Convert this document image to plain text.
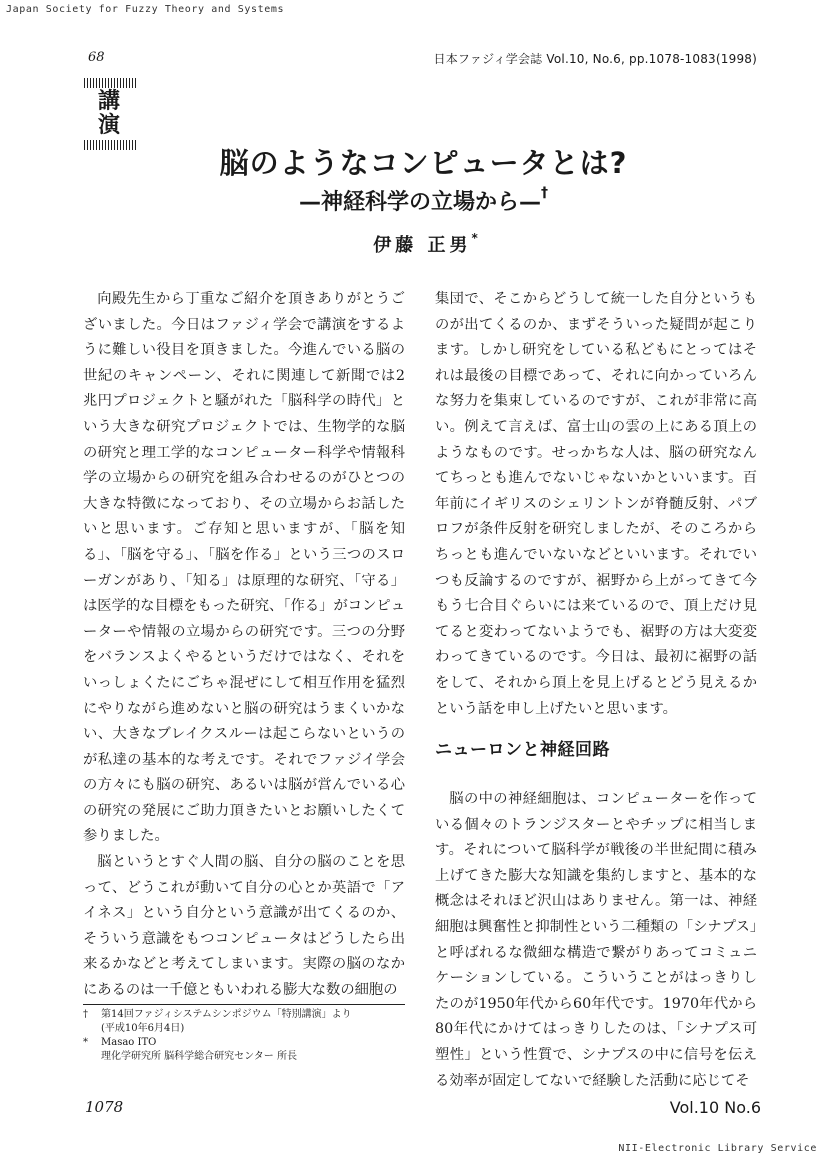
Japan Society for Fuzzy Theory and Systems
68	日本ファジィ学会誌 Vol.10, No.6, pp.1078-1083(1998)
講 演
脳のようなコンピュータとは?
—神経科学の立場から—†
伊藤 正男*

向殿先生から丁重なご紹介を頂きありがとうございました。今日はファジィ学会で講演をするように難しい役目を頂きました。今進んでいる脳の世紀のキャンペーン、それに関連して新聞では2兆円プロジェクトと騒がれた「脳科学の時代」という大きな研究プロジェクトでは、生物学的な脳の研究と理工学的なコンピューター科学や情報科学の立場からの研究を組み合わせるのがひとつの大きな特徴になっており、その立場からお話したいと思います。ご存知と思いますが、「脳を知る」、「脳を守る」、「脳を作る」という三つのスローガンがあり、「知る」は原理的な研究、「守る」は医学的な目標をもった研究、「作る」がコンピューターや情報の立場からの研究です。三つの分野をバランスよくやるというだけではなく、それをいっしょくたにごちゃ混ぜにして相互作用を猛烈にやりながら進めないと脳の研究はうまくいかない、大きなブレイクスルーは起こらないというのが私達の基本的な考えです。それでファジイ学会の方々にも脳の研究、あるいは脳が営んでいる心の研究の発展にご助力頂きたいとお願いしたくて参りました。

脳というとすぐ人間の脳、自分の脳のことを思って、どうこれが動いて自分の心とか英語で「アイネス」という自分という意識が出てくるのか、そういう意識をもつコンピュータはどうしたら出来るかなどと考えてしまいます。実際の脳のなかにあるのは一千億ともいわれる膨大な数の細胞の

集団で、そこからどうして統一した自分というものが出てくるのか、まずそういった疑問が起こります。しかし研究をしている私どもにとってはそれは最後の目標であって、それに向かっていろんな努力を集束しているのですが、これが非常に高い。例えて言えば、富士山の雲の上にある頂上のようなものです。せっかちな人は、脳の研究なんてちっとも進んでないじゃないかといいます。百年前にイギリスのシェリントンが脊髄反射、パブロフが条件反射を研究しましたが、そのころからちっとも進んでいないなどといいます。それでいつも反論するのですが、裾野から上がってきて今もう七合目ぐらいには来ているので、頂上だけ見てると変わってないようでも、裾野の方は大変変わってきているのです。今日は、最初に裾野の話をして、それから頂上を見上げるとどう見えるかという話を申し上げたいと思います。

ニューロンと神経回路

脳の中の神経細胞は、コンピューターを作っている個々のトランジスターとやチップに相当します。それについて脳科学が戦後の半世紀間に積み上げてきた膨大な知識を集約しますと、基本的な概念はそれほど沢山はありません。第一は、神経細胞は興奮性と抑制性という二種類の「シナプス」と呼ばれるな微細な構造で繋がりあってコミュニケーションしている。こういうことがはっきりしたのが1950年代から60年代です。1970年代から80年代にかけてはっきりしたのは、「シナプス可塑性」という性質で、シナプスの中に信号を伝える効率が固定してないで経験した活動に応じてそ

†	第14回ファジィシステムシンポジウム「特別講演」より
(平成10年6月4日)
*	Masao ITO
理化学研究所 脳科学総合研究センター 所長
1078	Vol.10 No.6
NII-Electronic Library Service
